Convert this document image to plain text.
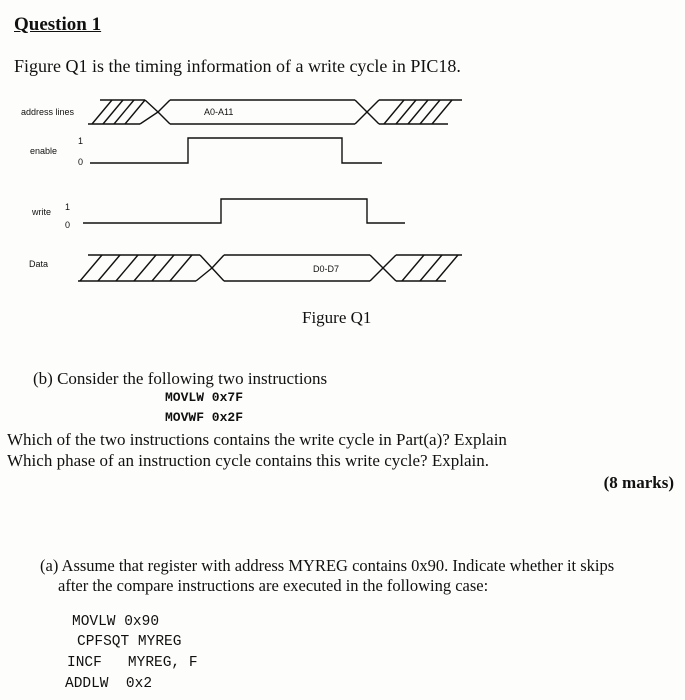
Question 1
Figure Q1 is the timing information of a write cycle in PIC18.
address lines	A0-A11
enable
1
0
write 1
0
Data	D0-D7
Figure Q1
(b) Consider the following two instructions
MOVLW 0x7F
MOVWF 0x2F
Which of the two instructions contains the write cycle in Part(a)? Explain
Which phase of an instruction cycle contains this write cycle? Explain.
(8 marks)
(a) Assume that register with address MYREG contains 0x90. Indicate whether it skips
after the compare instructions are executed in the following case:
MOVLW 0x90
CPFSQT MYREG
INCF   MYREG, F
ADDLW  0x2
